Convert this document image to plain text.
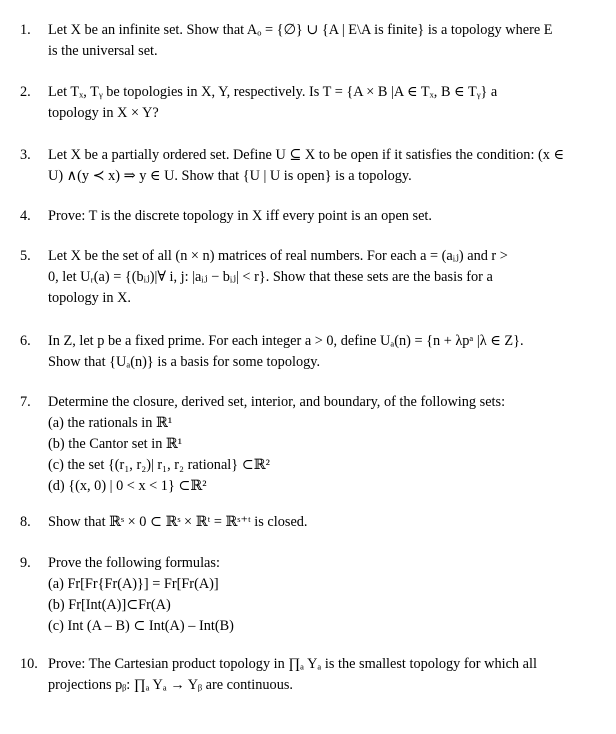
1. Let X be an infinite set. Show that Aₒ = {∅} ∪ {A | E\A is finite} is a topology where E
is the universal set.
2. Let Tₓ, Tᵧ be topologies in X, Y, respectively. Is T = {A × B |A ∈ Tₓ, B ∈ Tᵧ} a
topology in X × Y?
3. Let X be a partially ordered set. Define U ⊆ X to be open if it satisfies the condition: (x ∈
U) ∧(y ≺ x) ⇒ y ∈ U. Show that {U | U is open} is a topology.
4. Prove: T is the discrete topology in X iff every point is an open set.
5. Let X be the set of all (n × n) matrices of real numbers. For each a = (aᵢⱼ) and r >
0, let Uᵣ(a) = {(bᵢⱼ)|∀ i, j: |aᵢⱼ − bᵢⱼ| < r}. Show that these sets are the basis for a
topology in X.
6. In Z, let p be a fixed prime. For each integer a > 0, define Uₐ(n) = {n + λpᵃ |λ ∈ Z}.
Show that {Uₐ(n)} is a basis for some topology.
7. Determine the closure, derived set, interior, and boundary, of the following sets:
(a) the rationals in ℝ¹
(b) the Cantor set in ℝ¹
(c) the set {(r₁, r₂)| r₁, r₂ rational} ⊂ℝ²
(d) {(x, 0) | 0 < x < 1} ⊂ℝ²
8. Show that ℝˢ × 0 ⊂ ℝˢ × ℝᵗ = ℝˢ⁺ᵗ is closed.
9. Prove the following formulas:
(a) Fr[Fr{Fr(A)}] = Fr[Fr(A)]
(b) Fr[Int(A)]⊂Fr(A)
(c) Int (A – B) ⊂ Int(A) – Int(B)
10. Prove: The Cartesian product topology in ∏ₐ Yₐ is the smallest topology for which all
projections pᵦ: ∏ₐ Yₐ → Yᵦ are continuous.
